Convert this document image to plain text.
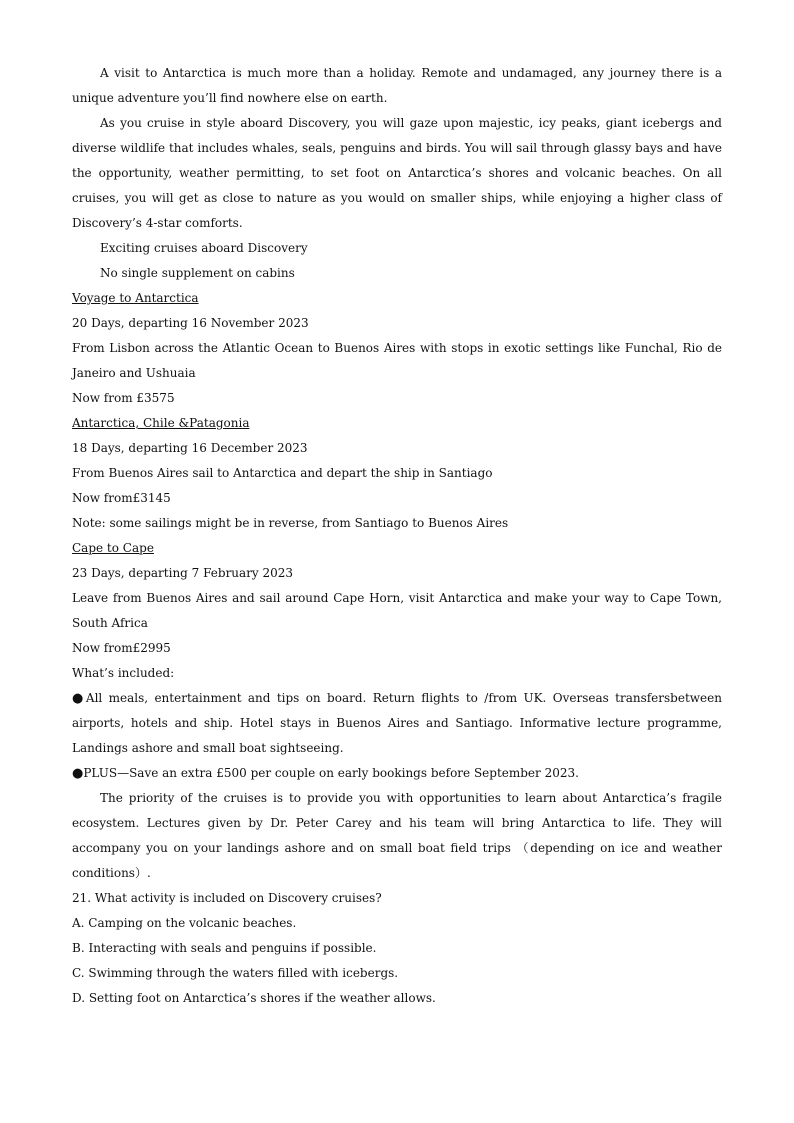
A visit to Antarctica is much more than a holiday. Remote and undamaged, any journey there is a unique adventure you’ll find nowhere else on earth.

As you cruise in style aboard Discovery, you will gaze upon majestic, icy peaks, giant icebergs and diverse wildlife that includes whales, seals, penguins and birds. You will sail through glassy bays and have the opportunity, weather permitting, to set foot on Antarctica’s shores and volcanic beaches. On all cruises, you will get as close to nature as you would on smaller ships, while enjoying a higher class of Discovery’s 4-star comforts.

Exciting cruises aboard Discovery

No single supplement on cabins

Voyage to Antarctica

20 Days, departing 16 November 2023

From Lisbon across the Atlantic Ocean to Buenos Aires with stops in exotic settings like Funchal, Rio de Janeiro and Ushuaia

Now from £3575

Antarctica, Chile &Patagonia

18 Days, departing 16 December 2023

From Buenos Aires sail to Antarctica and depart the ship in Santiago

Now from£3145

Note: some sailings might be in reverse, from Santiago to Buenos Aires

Cape to Cape

23 Days, departing 7 February 2023

Leave from Buenos Aires and sail around Cape Horn, visit Antarctica and make your way to Cape Town, South Africa

Now from£2995

What’s included:

●All meals, entertainment and tips on board. Return flights to /from UK. Overseas transfersbetween airports, hotels and ship. Hotel stays in Buenos Aires and Santiago. Informative lecture programme, Landings ashore and small boat sightseeing.

●PLUS—Save an extra £500 per couple on early bookings before September 2023.

The priority of the cruises is to provide you with opportunities to learn about Antarctica’s fragile ecosystem. Lectures given by Dr. Peter Carey and his team will bring Antarctica to life. They will accompany you on your landings ashore and on small boat field trips （depending on ice and weather conditions）.

21. What activity is included on Discovery cruises?

A. Camping on the volcanic beaches.

B. Interacting with seals and penguins if possible.

C. Swimming through the waters filled with icebergs.

D. Setting foot on Antarctica’s shores if the weather allows.
